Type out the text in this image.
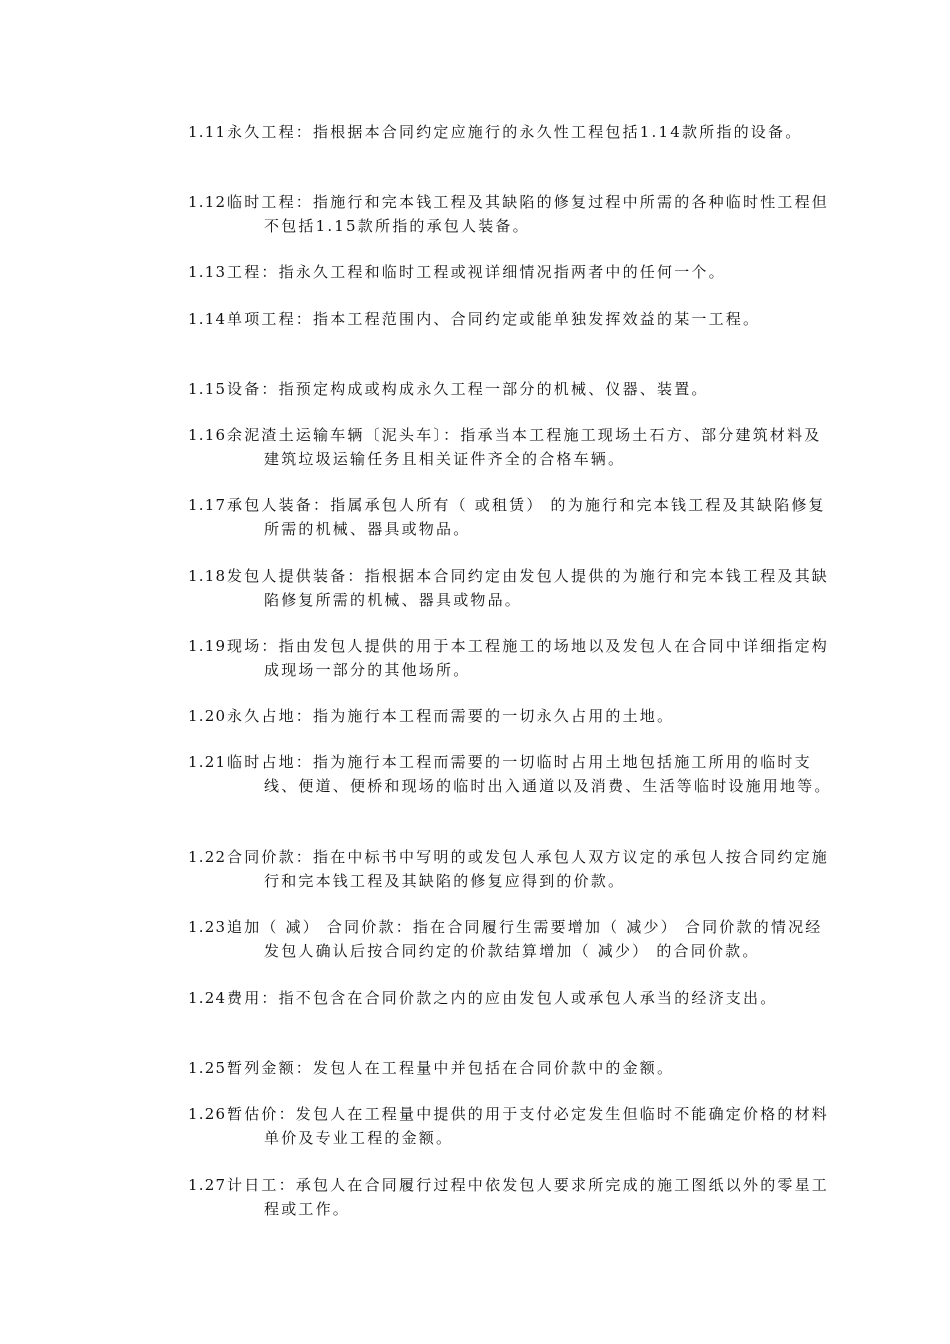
1.11 永久工程：指根据本合同约定应施行的永久性工程包括1.14款所指的设备。
1.12 临时工程：指施行和完本钱工程及其缺陷的修复过程中所需的各种临时性工程但不包括1.15款所指的承包人装备。
1.13 工程：指永久工程和临时工程或视详细情况指两者中的任何一个。
1.14 单项工程：指本工程范围内、合同约定或能单独发挥效益的某一工程。
1.15 设备：指预定构成或构成永久工程一部分的机械、仪器、装置。
1.16 余泥渣土运输车辆〔泥头车〕：指承当本工程施工现场土石方、部分建筑材料及建筑垃圾运输任务且相关证件齐全的合格车辆。
1.17 承包人装备：指属承包人所有（ 或租赁） 的为施行和完本钱工程及其缺陷修复所需的机械、器具或物品。
1.18 发包人提供装备：指根据本合同约定由发包人提供的为施行和完本钱工程及其缺陷修复所需的机械、器具或物品。
1.19 现场：指由发包人提供的用于本工程施工的场地以及发包人在合同中详细指定构成现场一部分的其他场所。
1.20 永久占地：指为施行本工程而需要的一切永久占用的土地。
1.21 临时占地：指为施行本工程而需要的一切临时占用土地包括施工所用的临时支线、便道、便桥和现场的临时出入通道以及消费、生活等临时设施用地等。
1.22 合同价款：指在中标书中写明的或发包人承包人双方议定的承包人按合同约定施行和完本钱工程及其缺陷的修复应得到的价款。
1.23 追加（ 减） 合同价款：指在合同履行生需要增加（ 减少） 合同价款的情况经发包人确认后按合同约定的价款结算增加（ 减少） 的合同价款。
1.24 费用：指不包含在合同价款之内的应由发包人或承包人承当的经济支出。
1.25 暂列金额：发包人在工程量中并包括在合同价款中的金额。
1.26 暂估价：发包人在工程量中提供的用于支付必定发生但临时不能确定价格的材料单价及专业工程的金额。
1.27 计日工：承包人在合同履行过程中依发包人要求所完成的施工图纸以外的零星工程或工作。
